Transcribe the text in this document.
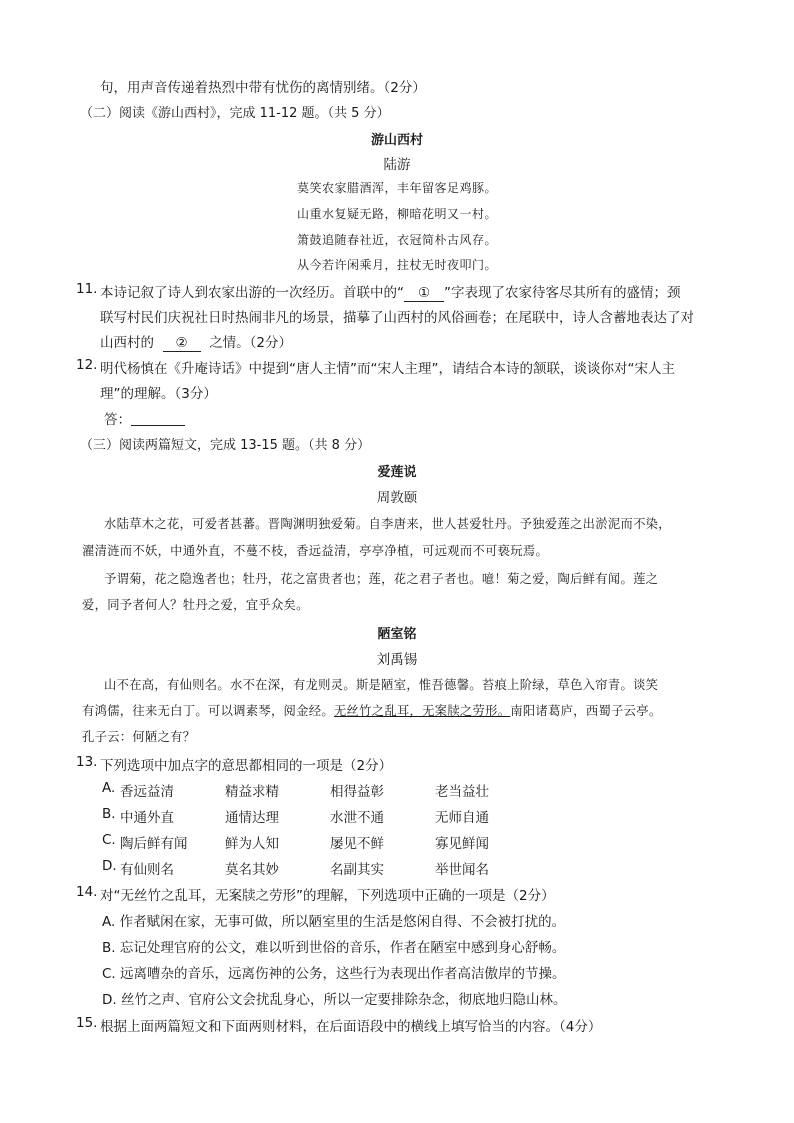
句，用声音传递着热烈中带有忧伤的离情别绪。（2分）
（二）阅读《游山西村》，完成 11-12 题。（共 5 分）
游山西村
陆游
莫笑农家腊酒浑，丰年留客足鸡豚。
山重水复疑无路，柳暗花明又一村。
箫鼓追随春社近，衣冠简朴古风存。
从今若许闲乘月，拄杖无时夜叩门。
11. 本诗记叙了诗人到农家出游的一次经历。首联中的“ ① ”字表现了农家待客尽其所有的盛情；颈
联写村民们庆祝社日时热闹非凡的场景，描摹了山西村的风俗画卷；在尾联中，诗人含蓄地表达了对
山西村的 ② 之情。（2分）
12. 明代杨慎在《升庵诗话》中提到“唐人主情”而“宋人主理”，请结合本诗的颔联，谈谈你对“宋人主
理”的理解。（3分）
答：
（三）阅读两篇短文，完成 13-15 题。（共 8 分）
爱莲说
周敦颐
水陆草木之花，可爱者甚蕃。晋陶渊明独爱菊。自李唐来，世人甚爱牡丹。予独爱莲之出淤泥而不染，
濯清涟而不妖，中通外直，不蔓不枝，香远益清，亭亭净植，可远观而不可亵玩焉。
予谓菊，花之隐逸者也；牡丹，花之富贵者也；莲，花之君子者也。噫！菊之爱，陶后鲜有闻。莲之
爱，同予者何人？牡丹之爱，宜乎众矣。
陋室铭
刘禹锡
山不在高，有仙则名。水不在深，有龙则灵。斯是陋室，惟吾德馨。苔痕上阶绿，草色入帘青。谈笑
有鸿儒，往来无白丁。可以调素琴，阅金经。无丝竹之乱耳，无案牍之劳形。南阳诸葛庐，西蜀子云亭。
孔子云：何陋之有？
13. 下列选项中加点字的意思都相同的一项是（2分）
A. 香远益清	精益求精	相得益彰	老当益壮
B. 中通外直	通情达理	水泄不通	无师自通
C. 陶后鲜有闻	鲜为人知	屡见不鲜	寡见鲜闻
D. 有仙则名	莫名其妙	名副其实	举世闻名
14. 对“无丝竹之乱耳，无案牍之劳形”的理解，下列选项中正确的一项是（2分）
A. 作者赋闲在家，无事可做，所以陋室里的生活是悠闲自得、不会被打扰的。
B. 忘记处理官府的公文，难以听到世俗的音乐，作者在陋室中感到身心舒畅。
C. 远离嘈杂的音乐，远离伤神的公务，这些行为表现出作者高洁傲岸的节操。
D. 丝竹之声、官府公文会扰乱身心，所以一定要排除杂念，彻底地归隐山林。
15. 根据上面两篇短文和下面两则材料，在后面语段中的横线上填写恰当的内容。（4分）
